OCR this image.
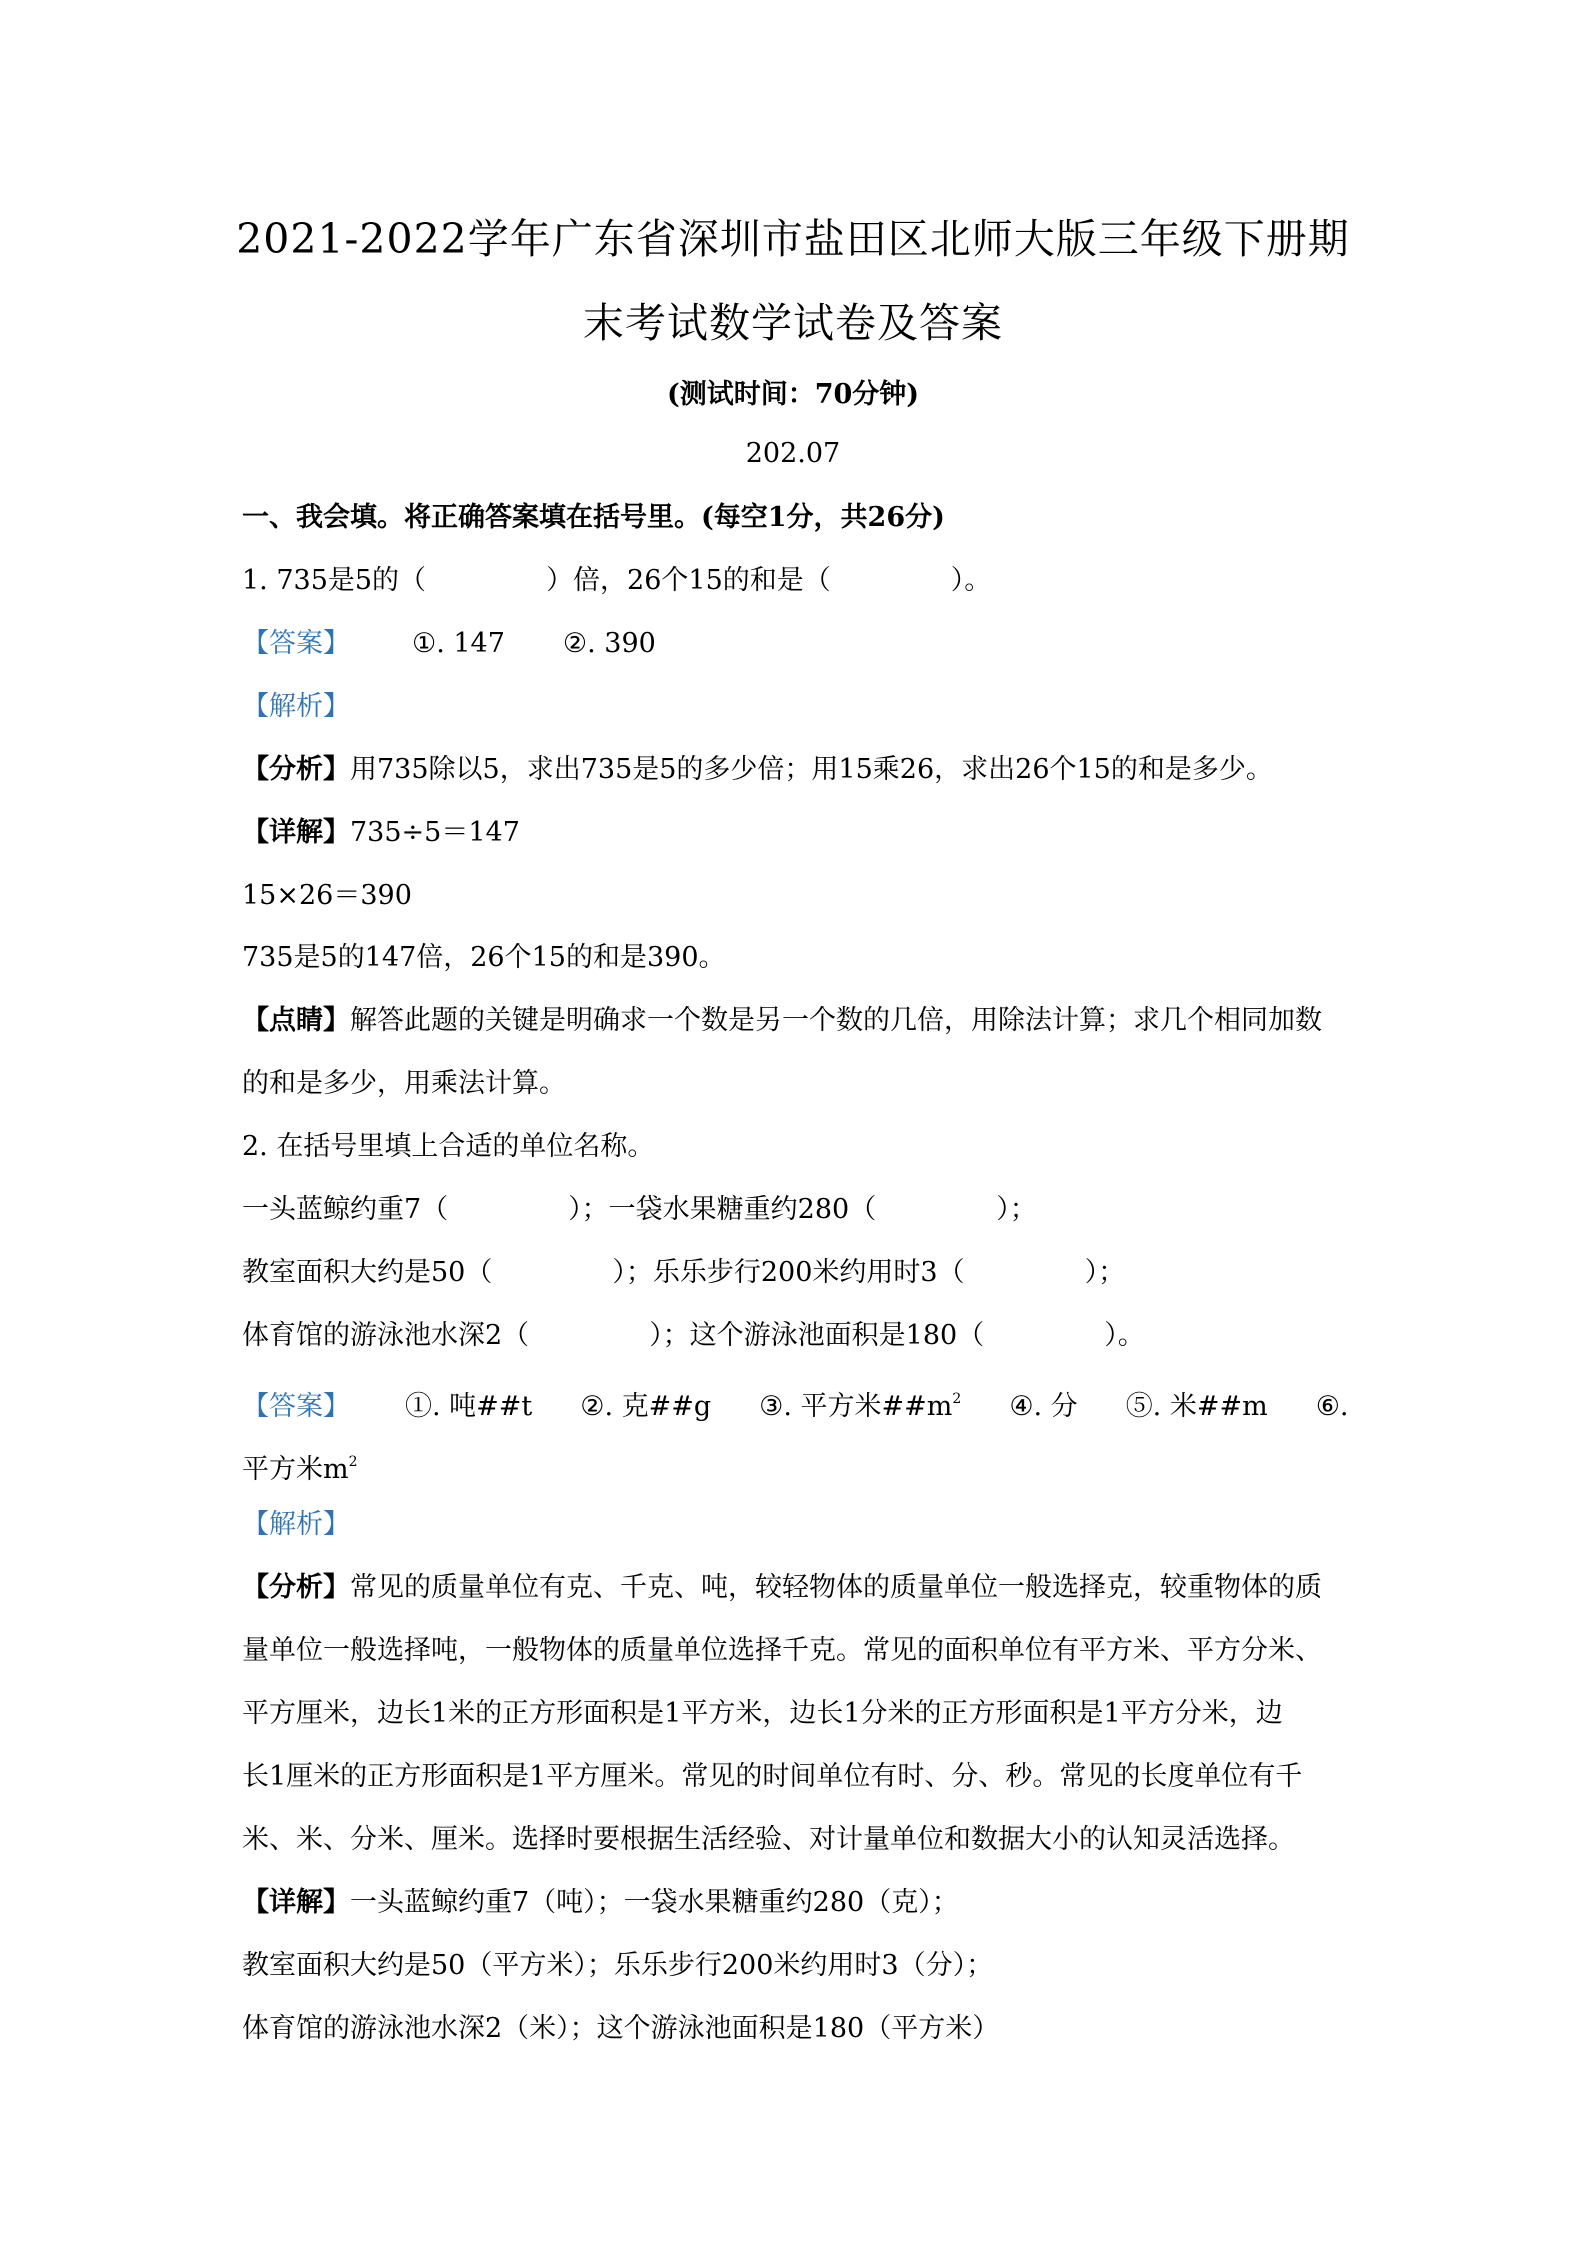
2021-2022学年广东省深圳市盐田区北师大版三年级下册期
末考试数学试卷及答案
(测试时间：70分钟)
202.07
一、我会填。将正确答案填在括号里。(每空1分，共26分)
1. 735是5的（	）倍，26个15的和是（	）。
【答案】 ①. 147 ②. 390
【解析】
【分析】用735除以5，求出735是5的多少倍；用15乘26，求出26个15的和是多少。
【详解】735÷5＝147
15×26＝390
735是5的147倍，26个15的和是390。
【点睛】解答此题的关键是明确求一个数是另一个数的几倍，用除法计算；求几个相同加数
的和是多少，用乘法计算。
2. 在括号里填上合适的单位名称。
一头蓝鲸约重7（	）；一袋水果糖重约280（	）；
教室面积大约是50（	）；乐乐步行200米约用时3（	）；
体育馆的游泳池水深2（	）；这个游泳池面积是180（	）。
【答案】 ①. 吨##t ②. 克##g ③. 平方米$\#\#m^2$ ④. 分 ⑤. 米##m ⑥.
平方米$m^2$
【解析】
【分析】常见的质量单位有克、千克、吨，较轻物体的质量单位一般选择克，较重物体的质
量单位一般选择吨，一般物体的质量单位选择千克。常见的面积单位有平方米、平方分米、
平方厘米，边长1米的正方形面积是1平方米，边长1分米的正方形面积是1平方分米，边
长1厘米的正方形面积是1平方厘米。常见的时间单位有时、分、秒。常见的长度单位有千
米、米、分米、厘米。选择时要根据生活经验、对计量单位和数据大小的认知灵活选择。
【详解】一头蓝鲸约重7（吨）；一袋水果糖重约280（克）；
教室面积大约是50（平方米）；乐乐步行200米约用时3（分）；
体育馆的游泳池水深2（米）；这个游泳池面积是180（平方米）
